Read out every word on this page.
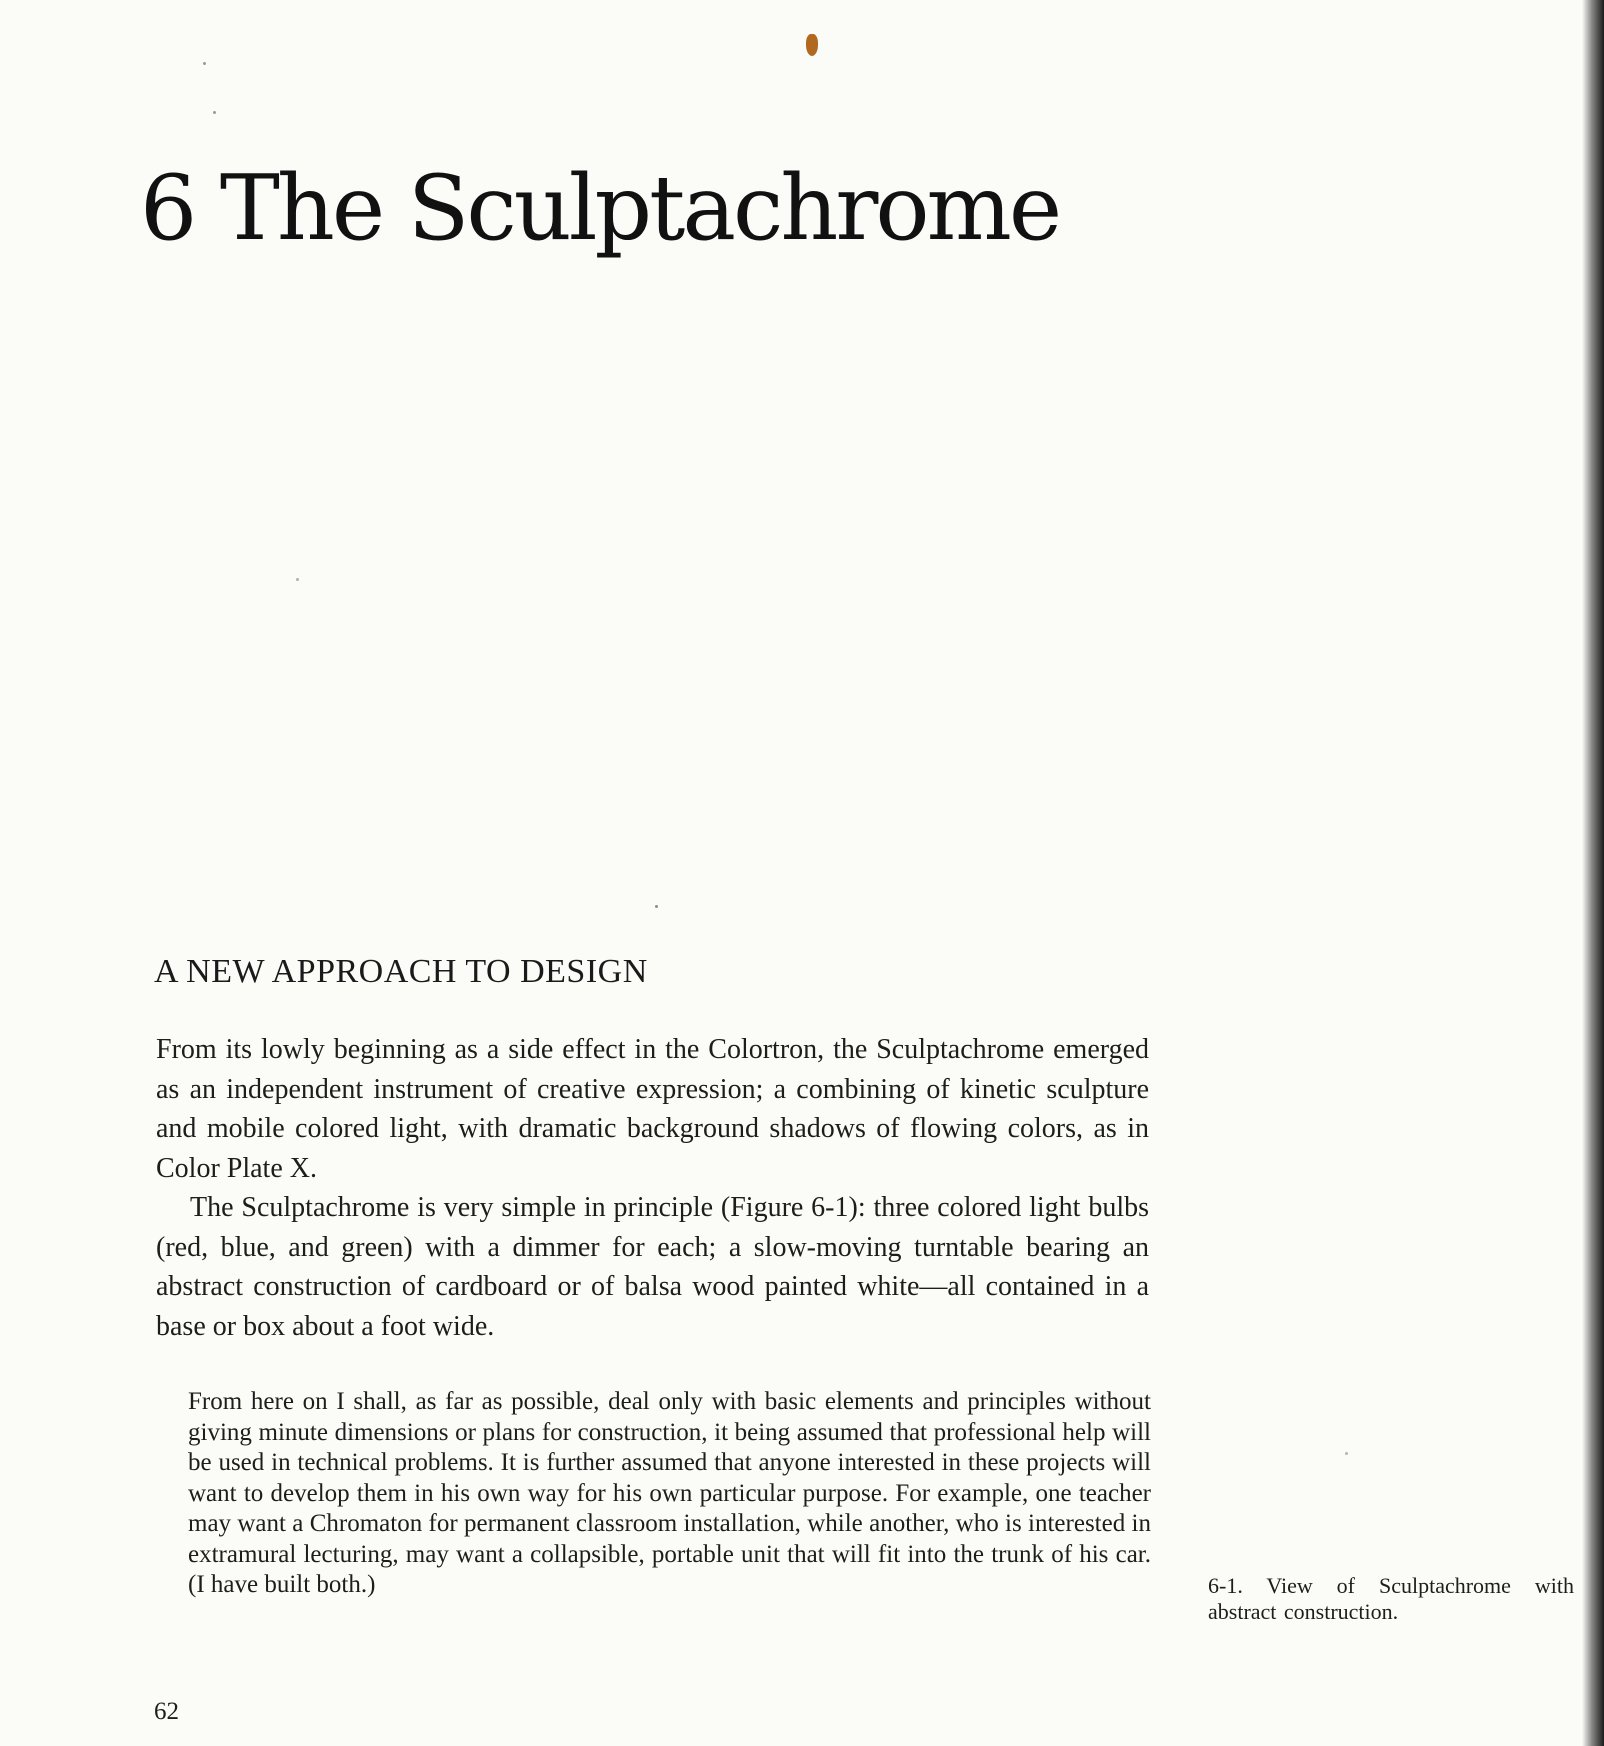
6 The Sculptachrome
A NEW APPROACH TO DESIGN

From its lowly beginning as a side effect in the Colortron, the Sculptachrome emerged as an independent instrument of creative expression; a combining of kinetic sculpture and mobile colored light, with dramatic background shadows of flowing colors, as in Color Plate X.

The Sculptachrome is very simple in principle (Figure 6-1): three colored light bulbs (red, blue, and green) with a dimmer for each; a slow-moving turntable bearing an abstract construction of cardboard or of balsa wood painted white—all contained in a base or box about a foot wide.

From here on I shall, as far as possible, deal only with basic elements and principles without giving minute dimensions or plans for construction, it being assumed that professional help will be used in technical problems. It is further assumed that anyone interested in these projects will want to develop them in his own way for his own particular purpose. For example, one teacher may want a Chromaton for permanent classroom installation, while another, who is interested in extramural lecturing, may want a collapsible, portable unit that will fit into the trunk of his car. (I have built both.)	6-1. View of Sculptachrome with abstract construction.

62
